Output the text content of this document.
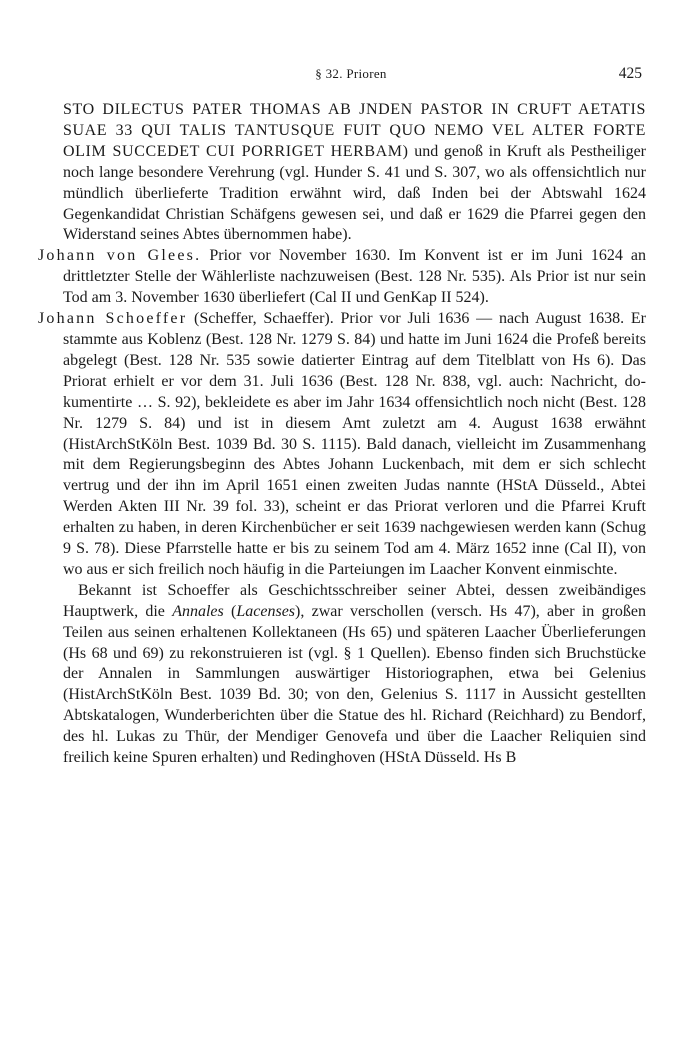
§ 32. Prioren	425

STO DILECTUS PATER THOMAS AB JNDEN PASTOR IN CRUFT AETATIS SUAE 33 QUI TALIS TANTUSQUE FUIT QUO NEMO VEL ALTER FORTE OLIM SUCCEDET CUI PORRIGET HERBAM) und genoß in Kruft als Pestheiliger noch lange besondere Verehrung (vgl. Hunder S. 41 und S. 307, wo als offensichtlich nur mündlich überlieferte Tradition erwähnt wird, daß Inden bei der Abtswahl 1624 Gegenkandidat Christian Schäfgens gewesen sei, und daß er 1629 die Pfarrei gegen den Widerstand seines Abtes übernommen habe).

Johann von Glees. Prior vor November 1630. Im Konvent ist er im Juni 1624 an drittletzter Stelle der Wählerliste nachzuweisen (Best. 128 Nr. 535). Als Prior ist nur sein Tod am 3. November 1630 überliefert (Cal II und GenKap II 524).

Johann Schoeffer (Scheffer, Schaeffer). Prior vor Juli 1636 — nach August 1638. Er stammte aus Koblenz (Best. 128 Nr. 1279 S. 84) und hatte im Juni 1624 die Profeß bereits abgelegt (Best. 128 Nr. 535 sowie datierter Eintrag auf dem Titelblatt von Hs 6). Das Priorat erhielt er vor dem 31. Juli 1636 (Best. 128 Nr. 838, vgl. auch: Nachricht, dokumentirte … S. 92), bekleidete es aber im Jahr 1634 offensichtlich noch nicht (Best. 128 Nr. 1279 S. 84) und ist in diesem Amt zuletzt am 4. August 1638 erwähnt (HistArchStKöln Best. 1039 Bd. 30 S. 1115). Bald danach, vielleicht im Zusammenhang mit dem Regierungsbeginn des Abtes Johann Luckenbach, mit dem er sich schlecht vertrug und der ihn im April 1651 einen zweiten Judas nannte (HStA Düsseld., Abtei Werden Akten III Nr. 39 fol. 33), scheint er das Priorat verloren und die Pfarrei Kruft erhalten zu haben, in deren Kirchenbücher er seit 1639 nachgewiesen werden kann (Schug 9 S. 78). Diese Pfarrstelle hatte er bis zu seinem Tod am 4. März 1652 inne (Cal II), von wo aus er sich freilich noch häufig in die Parteiungen im Laacher Konvent einmischte.

Bekannt ist Schoeffer als Geschichtsschreiber seiner Abtei, dessen zweibändiges Hauptwerk, die Annales (Lacenses), zwar verschollen (versch. Hs 47), aber in großen Teilen aus seinen erhaltenen Kollektaneen (Hs 65) und späteren Laacher Überlieferungen (Hs 68 und 69) zu rekonstruieren ist (vgl. § 1 Quellen). Ebenso finden sich Bruchstücke der Annalen in Sammlungen auswärtiger Historiographen, etwa bei Gelenius (HistArchStKöln Best. 1039 Bd. 30; von den, Gelenius S. 1117 in Aussicht gestellten Abtskatalogen, Wunderberichten über die Statue des hl. Richard (Reichhard) zu Bendorf, des hl. Lukas zu Thür, der Mendiger Genovefa und über die Laacher Reliquien sind freilich keine Spuren erhalten) und Redinghoven (HStA Düsseld. Hs B
